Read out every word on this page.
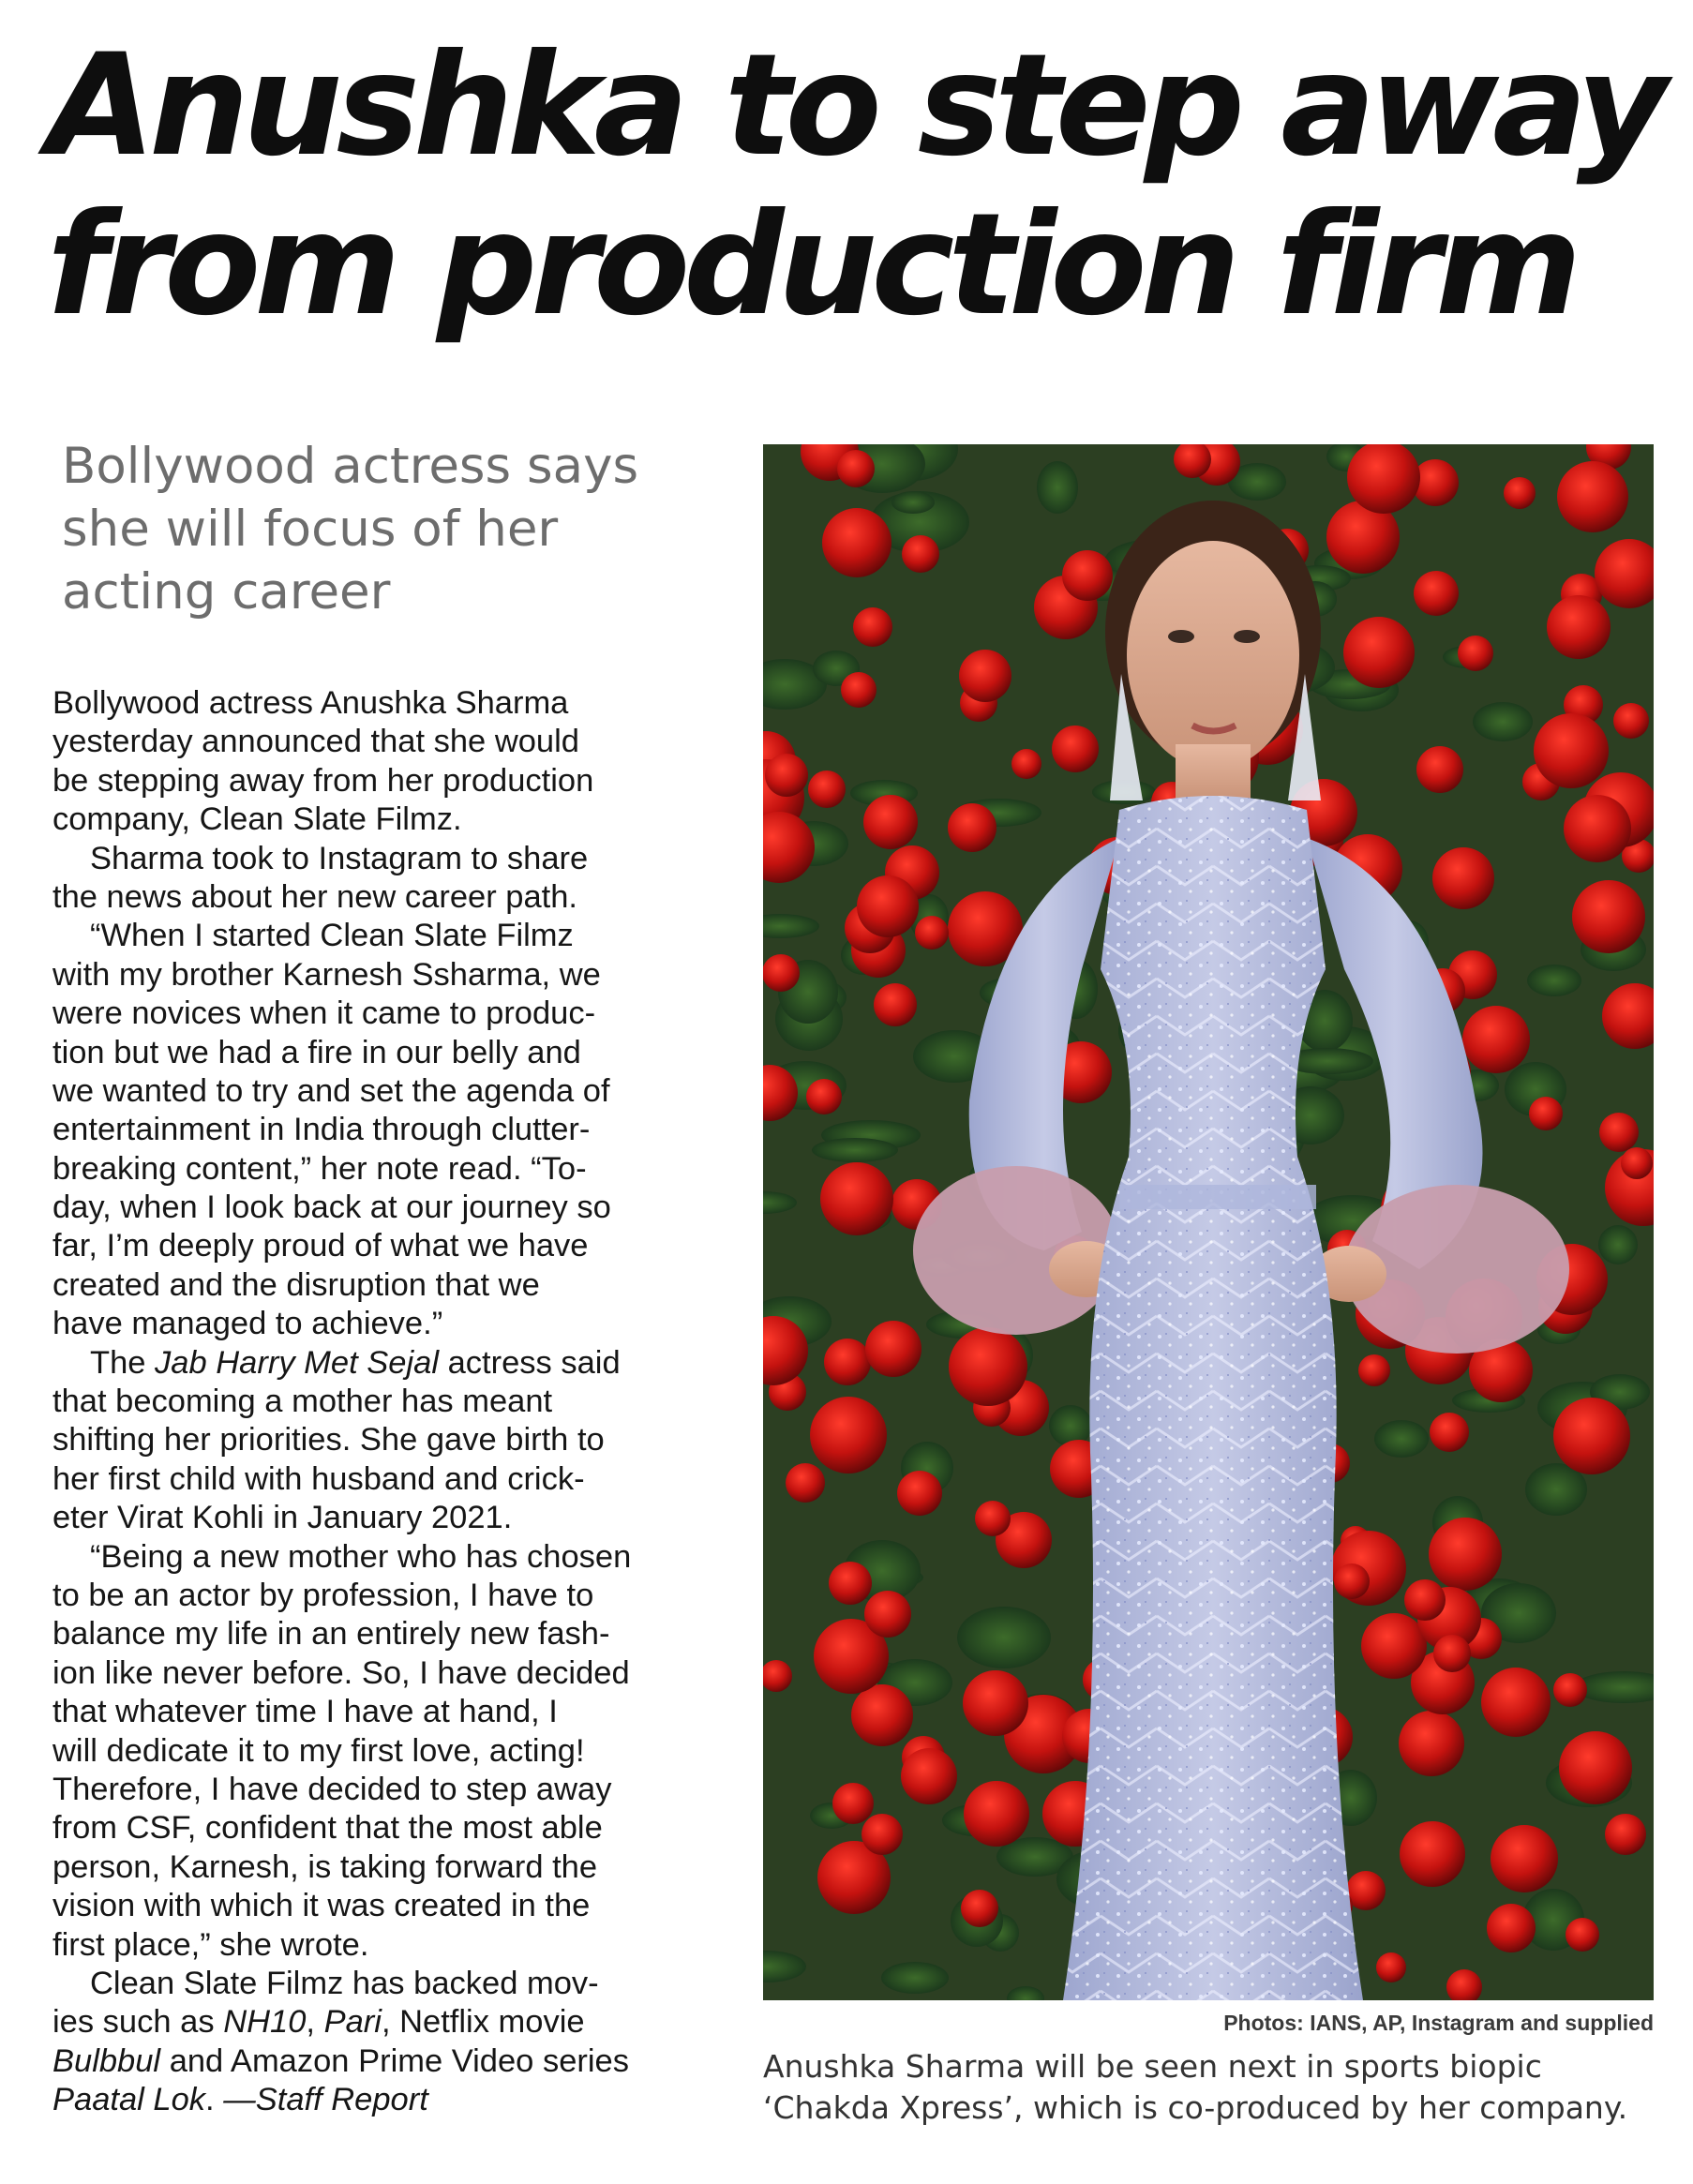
Anushka to step away
from production firm
Bollywood actress says
she will focus of her
acting career
Bollywood actress Anushka Sharma
yesterday announced that she would
be stepping away from her production
company, Clean Slate Filmz.
Sharma took to Instagram to share
the news about her new career path.
“When I started Clean Slate Filmz
with my brother Karnesh Ssharma, we
were novices when it came to produc-
tion but we had a fire in our belly and
we wanted to try and set the agenda of
entertainment in India through clutter-
breaking content,” her note read. “To-
day, when I look back at our journey so
far, I’m deeply proud of what we have
created and the disruption that we
have managed to achieve.”
The Jab Harry Met Sejal actress said
that becoming a mother has meant
shifting her priorities. She gave birth to
her first child with husband and crick-
eter Virat Kohli in January 2021.
“Being a new mother who has chosen
to be an actor by profession, I have to
balance my life in an entirely new fash-
ion like never before. So, I have decided
that whatever time I have at hand, I
will dedicate it to my first love, acting!
Therefore, I have decided to step away
from CSF, confident that the most able
person, Karnesh, is taking forward the
vision with which it was created in the
first place,” she wrote.
Clean Slate Filmz has backed mov-
ies such as NH10, Pari, Netflix movie
Bulbbul and Amazon Prime Video series
Paatal Lok. —Staff Report
Photos: IANS, AP, Instagram and supplied
Anushka Sharma will be seen next in sports biopic
‘Chakda Xpress’, which is co-produced by her company.
